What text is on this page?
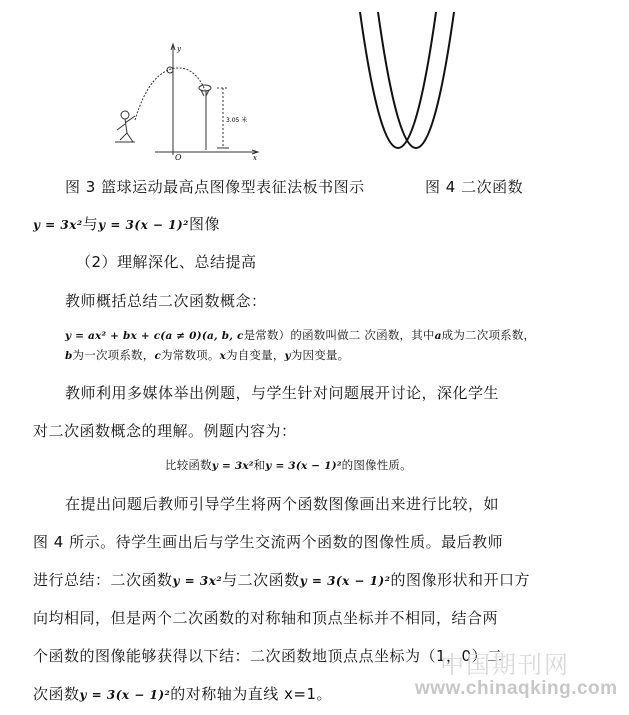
y
x
O
3.05 米
图 3 篮球运动最高点图像型表征法板书图示	图 4 二次函数
y = 3x²与y = 3(x − 1)²图像
（2）理解深化、总结提高
教师概括总结二次函数概念：
y = ax² + bx + c(a ≠ 0)(a, b, c是常数）的函数叫做二 次函数，其中a成为二次项系数，
b为一次项系数，c为常数项。x为自变量，y为因变量。
教师利用多媒体举出例题，与学生针对问题展开讨论，深化学生
对二次函数概念的理解。例题内容为：
比较函数y = 3x²和y = 3(x − 1)²的图像性质。
在提出问题后教师引导学生将两个函数图像画出来进行比较，如
图 4 所示。待学生画出后与学生交流两个函数的图像性质。最后教师
进行总结：二次函数y = 3x²与二次函数y = 3(x − 1)²的图像形状和开口方
向均相同，但是两个二次函数的对称轴和顶点坐标并不相同，结合两
个函数的图像能够获得以下结：二次函数地顶点点坐标为（1，0）二
次函数y = 3(x − 1)²的对称轴为直线 x=1。
中国期刊网
www.chinaqking.com
